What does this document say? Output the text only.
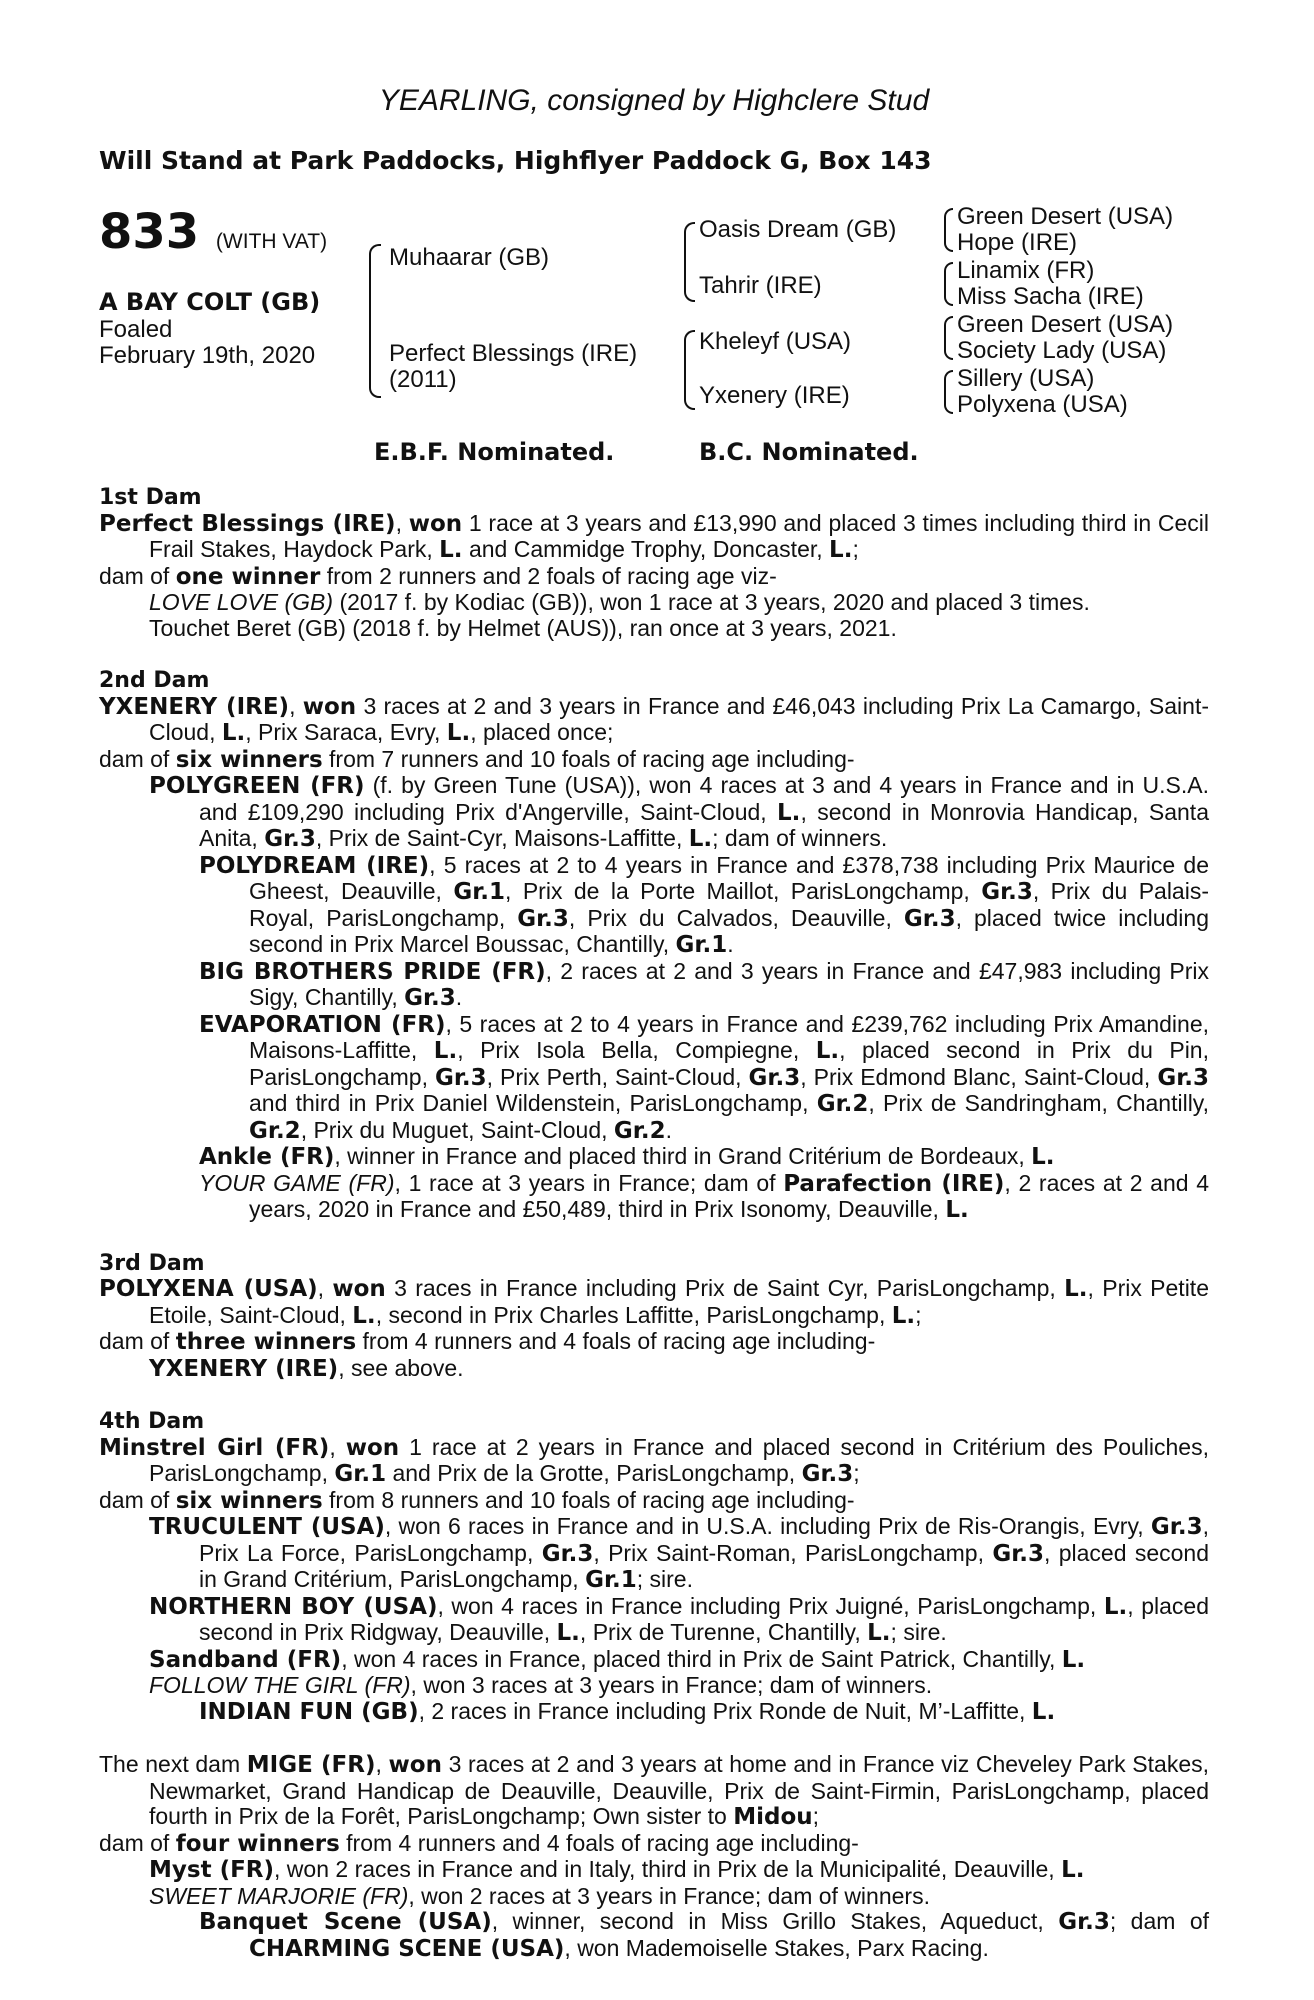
YEARLING, consigned by Highclere Stud
Will Stand at Park Paddocks, Highflyer Paddock G, Box 143
833 (WITH VAT)
A BAY COLT (GB)
Foaled
February 19th, 2020
Muhaarar (GB)
Perfect Blessings (IRE)
(2011)
Oasis Dream (GB)
Tahrir (IRE)
Kheleyf (USA)
Yxenery (IRE)
Green Desert (USA)
Hope (IRE)
Linamix (FR)
Miss Sacha (IRE)
Green Desert (USA)
Society Lady (USA)
Sillery (USA)
Polyxena (USA)
E.B.F. Nominated.	B.C. Nominated.
1st Dam
Perfect Blessings (IRE), won 1 race at 3 years and £13,990 and placed 3 times including third in Cecil Frail Stakes, Haydock Park, L. and Cammidge Trophy, Doncaster, L.;
dam of one winner from 2 runners and 2 foals of racing age viz-
LOVE LOVE (GB) (2017 f. by Kodiac (GB)), won 1 race at 3 years, 2020 and placed 3 times.
Touchet Beret (GB) (2018 f. by Helmet (AUS)), ran once at 3 years, 2021.
2nd Dam
YXENERY (IRE), won 3 races at 2 and 3 years in France and £46,043 including Prix La Camargo, Saint-Cloud, L., Prix Saraca, Evry, L., placed once;
dam of six winners from 7 runners and 10 foals of racing age including-
POLYGREEN (FR) (f. by Green Tune (USA)), won 4 races at 3 and 4 years in France and in U.S.A. and £109,290 including Prix d'Angerville, Saint-Cloud, L., second in Monrovia Handicap, Santa Anita, Gr.3, Prix de Saint-Cyr, Maisons-Laffitte, L.; dam of winners.
POLYDREAM (IRE), 5 races at 2 to 4 years in France and £378,738 including Prix Maurice de Gheest, Deauville, Gr.1, Prix de la Porte Maillot, ParisLongchamp, Gr.3, Prix du Palais-Royal, ParisLongchamp, Gr.3, Prix du Calvados, Deauville, Gr.3, placed twice including second in Prix Marcel Boussac, Chantilly, Gr.1.
BIG BROTHERS PRIDE (FR), 2 races at 2 and 3 years in France and £47,983 including Prix Sigy, Chantilly, Gr.3.
EVAPORATION (FR), 5 races at 2 to 4 years in France and £239,762 including Prix Amandine, Maisons-Laffitte, L., Prix Isola Bella, Compiegne, L., placed second in Prix du Pin, ParisLongchamp, Gr.3, Prix Perth, Saint-Cloud, Gr.3, Prix Edmond Blanc, Saint-Cloud, Gr.3 and third in Prix Daniel Wildenstein, ParisLongchamp, Gr.2, Prix de Sandringham, Chantilly, Gr.2, Prix du Muguet, Saint-Cloud, Gr.2.
Ankle (FR), winner in France and placed third in Grand Critérium de Bordeaux, L.
YOUR GAME (FR), 1 race at 3 years in France; dam of Parafection (IRE), 2 races at 2 and 4 years, 2020 in France and £50,489, third in Prix Isonomy, Deauville, L.
3rd Dam
POLYXENA (USA), won 3 races in France including Prix de Saint Cyr, ParisLongchamp, L., Prix Petite Etoile, Saint-Cloud, L., second in Prix Charles Laffitte, ParisLongchamp, L.;
dam of three winners from 4 runners and 4 foals of racing age including-
YXENERY (IRE), see above.
4th Dam
Minstrel Girl (FR), won 1 race at 2 years in France and placed second in Critérium des Pouliches, ParisLongchamp, Gr.1 and Prix de la Grotte, ParisLongchamp, Gr.3;
dam of six winners from 8 runners and 10 foals of racing age including-
TRUCULENT (USA), won 6 races in France and in U.S.A. including Prix de Ris-Orangis, Evry, Gr.3, Prix La Force, ParisLongchamp, Gr.3, Prix Saint-Roman, ParisLongchamp, Gr.3, placed second in Grand Critérium, ParisLongchamp, Gr.1; sire.
NORTHERN BOY (USA), won 4 races in France including Prix Juigné, ParisLongchamp, L., placed second in Prix Ridgway, Deauville, L., Prix de Turenne, Chantilly, L.; sire.
Sandband (FR), won 4 races in France, placed third in Prix de Saint Patrick, Chantilly, L.
FOLLOW THE GIRL (FR), won 3 races at 3 years in France; dam of winners.
INDIAN FUN (GB), 2 races in France including Prix Ronde de Nuit, M’-Laffitte, L.
The next dam MIGE (FR), won 3 races at 2 and 3 years at home and in France viz Cheveley Park Stakes, Newmarket, Grand Handicap de Deauville, Deauville, Prix de Saint-Firmin, ParisLongchamp, placed fourth in Prix de la Forêt, ParisLongchamp; Own sister to Midou;
dam of four winners from 4 runners and 4 foals of racing age including-
Myst (FR), won 2 races in France and in Italy, third in Prix de la Municipalité, Deauville, L.
SWEET MARJORIE (FR), won 2 races at 3 years in France; dam of winners.
Banquet Scene (USA), winner, second in Miss Grillo Stakes, Aqueduct, Gr.3; dam of CHARMING SCENE (USA), won Mademoiselle Stakes, Parx Racing.
